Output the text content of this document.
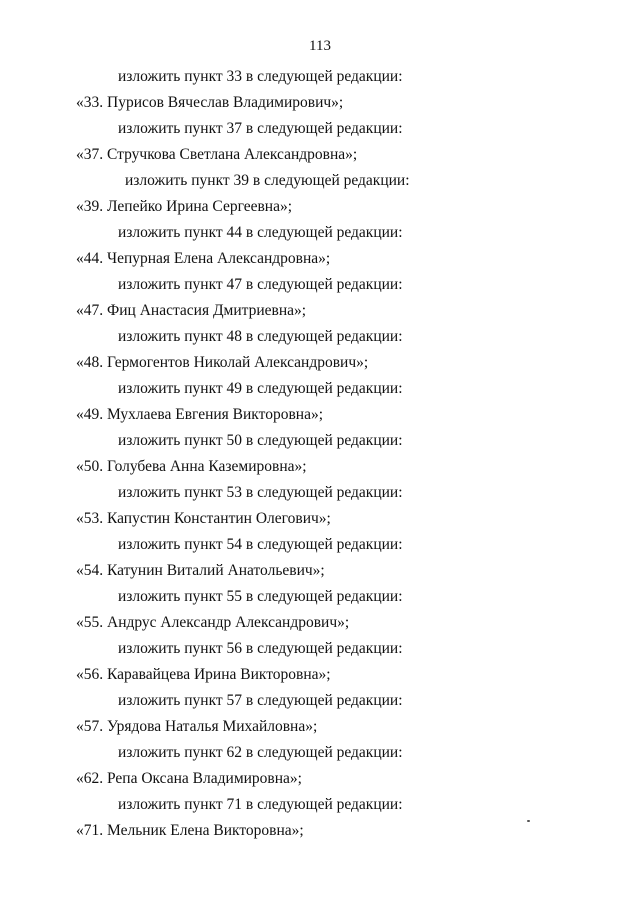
113
изложить пункт 33 в следующей редакции:
«33. Пурисов Вячеслав Владимирович»;
изложить пункт 37 в следующей редакции:
«37. Стручкова Светлана Александровна»;
изложить пункт 39 в следующей редакции:
«39. Лепейко Ирина Сергеевна»;
изложить пункт 44 в следующей редакции:
«44. Чепурная Елена Александровна»;
изложить пункт 47 в следующей редакции:
«47. Фиц Анастасия Дмитриевна»;
изложить пункт 48 в следующей редакции:
«48. Гермогентов Николай Александрович»;
изложить пункт 49 в следующей редакции:
«49. Мухлаева Евгения Викторовна»;
изложить пункт 50 в следующей редакции:
«50. Голубева Анна Каземировна»;
изложить пункт 53 в следующей редакции:
«53. Капустин Константин Олегович»;
изложить пункт 54 в следующей редакции:
«54. Катунин Виталий Анатольевич»;
изложить пункт 55 в следующей редакции:
«55. Андрус Александр Александрович»;
изложить пункт 56 в следующей редакции:
«56. Каравайцева Ирина Викторовна»;
изложить пункт 57 в следующей редакции:
«57. Урядова Наталья Михайловна»;
изложить пункт 62 в следующей редакции:
«62. Репа Оксана Владимировна»;
изложить пункт 71 в следующей редакции:
«71. Мельник Елена Викторовна»;
